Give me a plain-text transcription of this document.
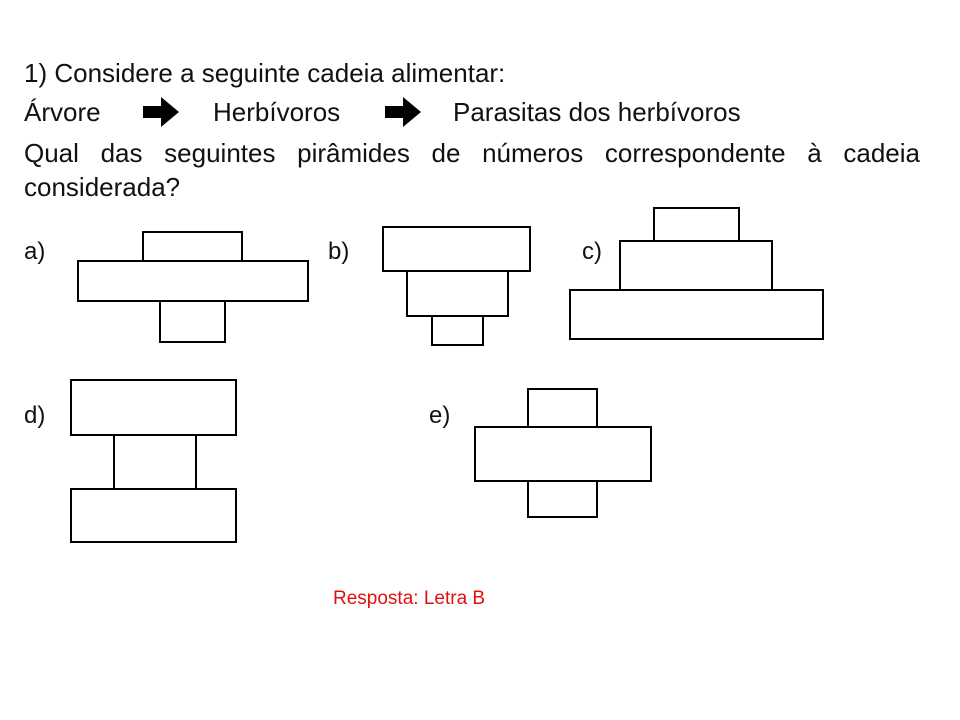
1) Considere a seguinte cadeia alimentar:
Árvore	Herbívoros	Parasitas dos herbívoros
Qual das seguintes pirâmides de números correspondente à cadeia
considerada?
a)	b)	c)
d)	e)
Resposta: Letra B
